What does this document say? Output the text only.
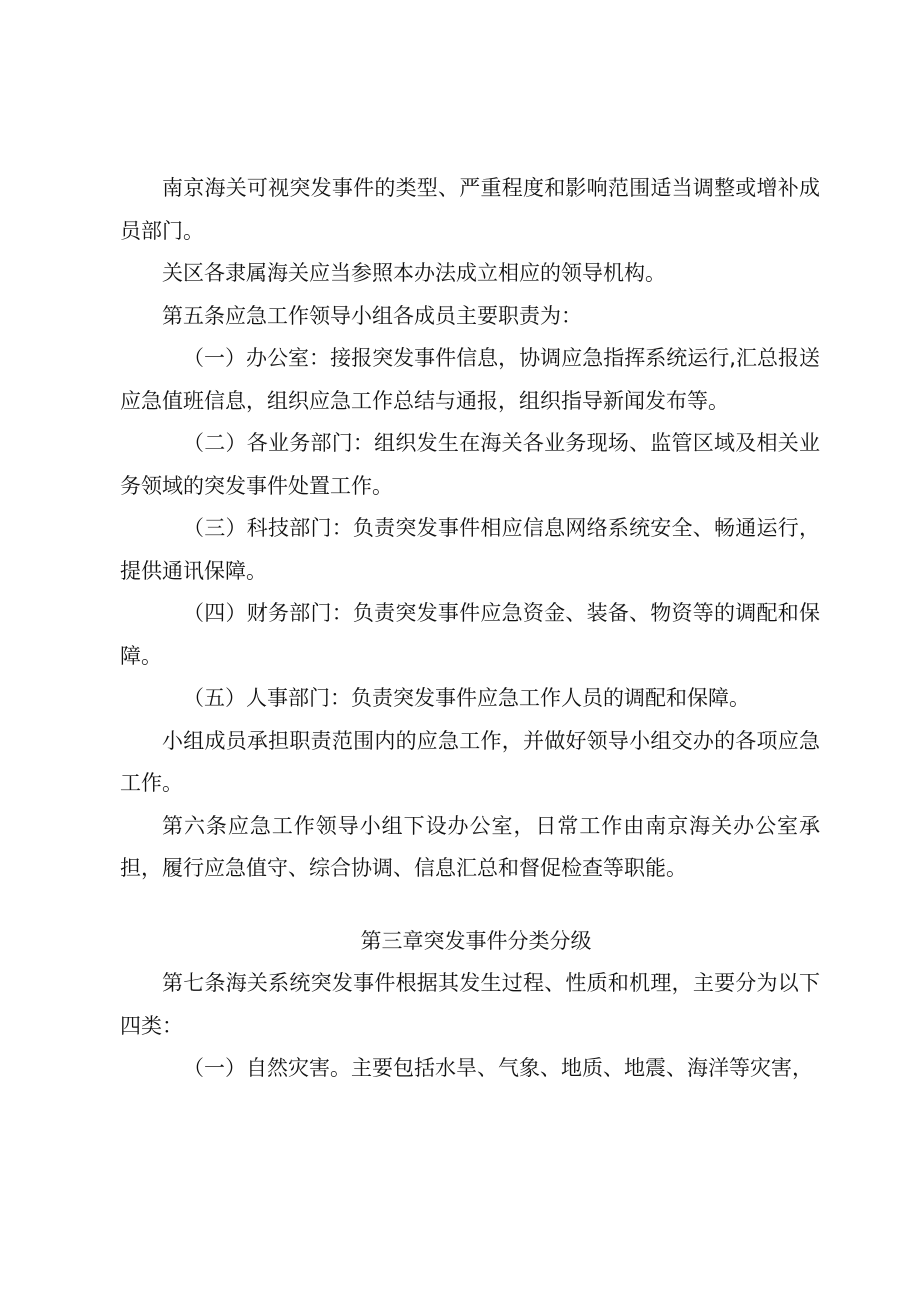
南京海关可视突发事件的类型、严重程度和影响范围适当调整或增补成员部门。

关区各隶属海关应当参照本办法成立相应的领导机构。

第五条应急工作领导小组各成员主要职责为：

（一）办公室：接报突发事件信息，协调应急指挥系统运行,汇总报送应急值班信息，组织应急工作总结与通报，组织指导新闻发布等。

（二）各业务部门：组织发生在海关各业务现场、监管区域及相关业务领域的突发事件处置工作。

（三）科技部门：负责突发事件相应信息网络系统安全、畅通运行，提供通讯保障。

（四）财务部门：负责突发事件应急资金、装备、物资等的调配和保障。

（五）人事部门：负责突发事件应急工作人员的调配和保障。

小组成员承担职责范围内的应急工作，并做好领导小组交办的各项应急工作。

第六条应急工作领导小组下设办公室，日常工作由南京海关办公室承担，履行应急值守、综合协调、信息汇总和督促检查等职能。

第三章突发事件分类分级

第七条海关系统突发事件根据其发生过程、性质和机理，主要分为以下四类：

（一）自然灾害。主要包括水旱、气象、地质、地震、海洋等灾害，
